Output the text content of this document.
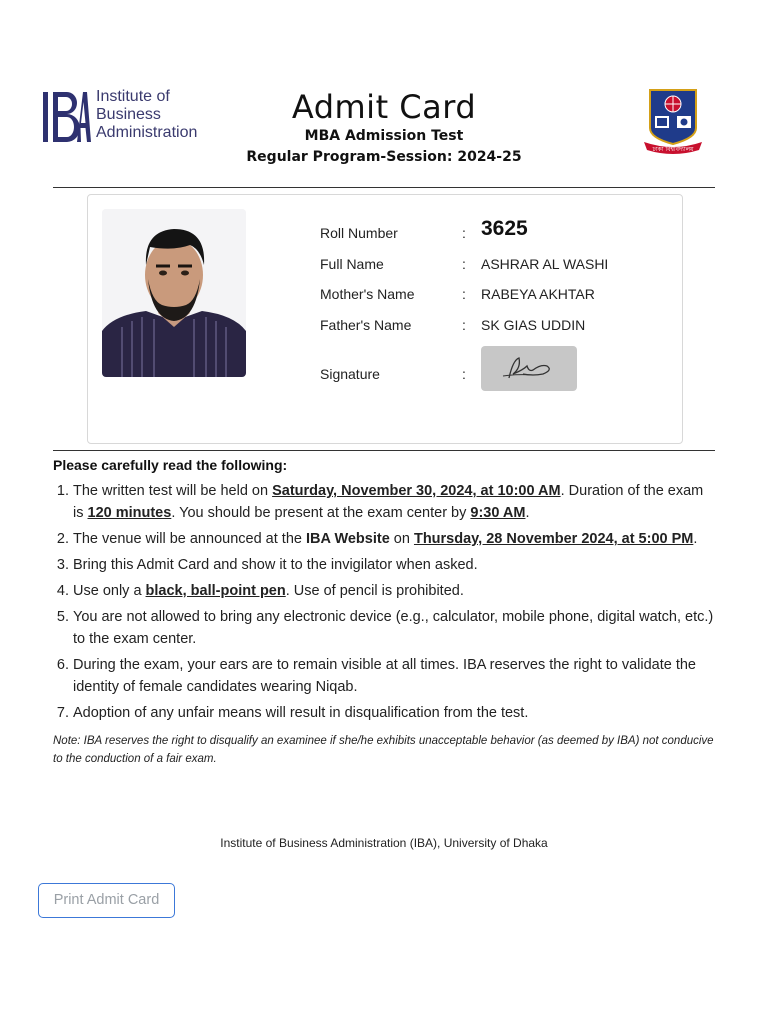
IBA	Institute of
Business
Administration
Admit Card
MBA Admission Test
Regular Program-Session: 2024-25	ঢাকা বিশ্ববিদ্যালয়
Roll Number	: 3625
Full Name	: ASHRAR AL WASHI
Mother's Name	: RABEYA AKHTAR
Father's Name	: SK GIAS UDDIN
Signature	:
Please carefully read the following:
1. The written test will be held on Saturday, November 30, 2024, at 10:00 AM. Duration of the exam is 120 minutes. You should be present at the exam center by 9:30 AM.
2. The venue will be announced at the IBA Website on Thursday, 28 November 2024, at 5:00 PM.
3. Bring this Admit Card and show it to the invigilator when asked.
4. Use only a black, ball-point pen. Use of pencil is prohibited.
5. You are not allowed to bring any electronic device (e.g., calculator, mobile phone, digital watch, etc.) to the exam center.
6. During the exam, your ears are to remain visible at all times. IBA reserves the right to validate the identity of female candidates wearing Niqab.
7. Adoption of any unfair means will result in disqualification from the test.
Note: IBA reserves the right to disqualify an examinee if she/he exhibits unacceptable behavior (as deemed by IBA) not conducive to the conduction of a fair exam.
Institute of Business Administration (IBA), University of Dhaka
Print Admit Card
